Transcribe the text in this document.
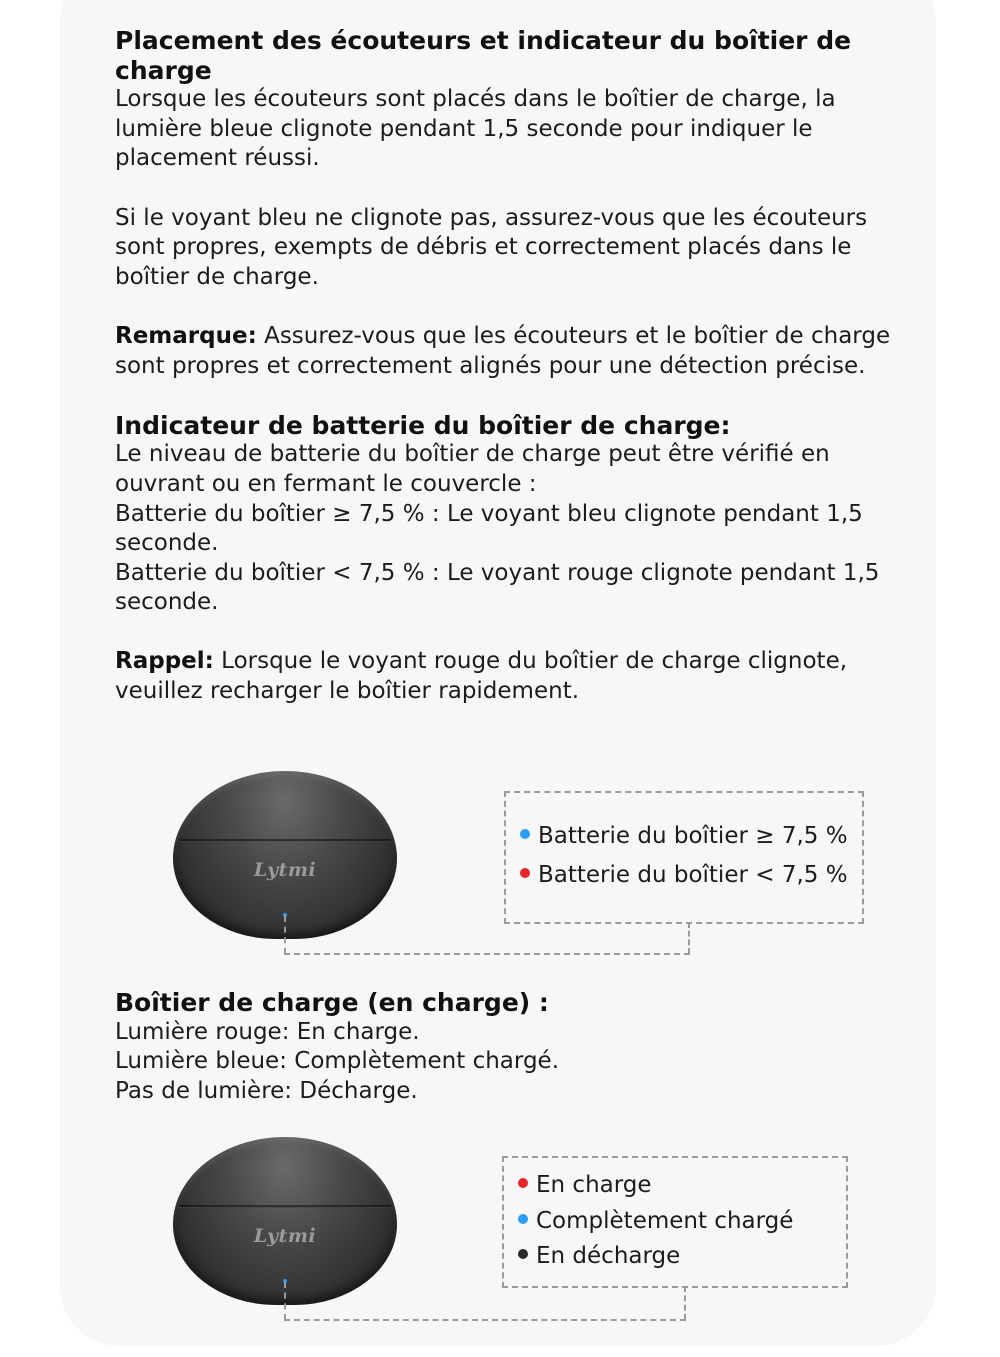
Placement des écouteurs et indicateur du boîtier de charge

Lorsque les écouteurs sont placés dans le boîtier de charge, la lumière bleue clignote pendant 1,5 seconde pour indiquer le placement réussi.

Si le voyant bleu ne clignote pas, assurez-vous que les écouteurs sont propres, exempts de débris et correctement placés dans le boîtier de charge.

Remarque: Assurez-vous que les écouteurs et le boîtier de charge sont propres et correctement alignés pour une détection précise.

Indicateur de batterie du boîtier de charge:

Le niveau de batterie du boîtier de charge peut être vérifié en ouvrant ou en fermant le couvercle :

Batterie du boîtier ≥ 7,5 % : Le voyant bleu clignote pendant 1,5 seconde.

Batterie du boîtier < 7,5 % : Le voyant rouge clignote pendant 1,5 seconde.

Rappel: Lorsque le voyant rouge du boîtier de charge clignote, veuillez recharger le boîtier rapidement.

Lytmi
Batterie du boîtier ≥ 7,5 %
Batterie du boîtier < 7,5 %
Boîtier de charge (en charge) :

Lumière rouge: En charge.

Lumière bleue: Complètement chargé.

Pas de lumière: Décharge.

Lytmi
En charge
Complètement chargé
En décharge
